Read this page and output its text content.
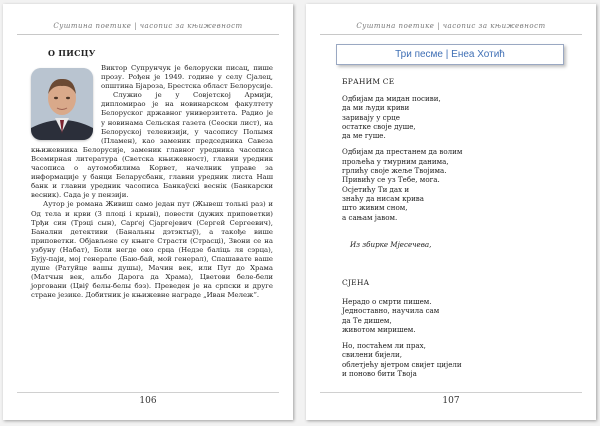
Суштина поетике | часопис за књижевност
О ПИСЦУ

Виктор Супрунчук је белоруски писац, пише прозу. Рођен је 1949. године у селу Сјалец, општина Бјароза, Брестска област Белорусије.

Служио је у Совјетској Армији, дипломирао је на новинарском факултету Белоруског државног универзитета. Радио је у новинама Сельская газета (Сеоски лист), на Белоруској телевизији, у часопису Полымя (Пламен), као заменик председника Савеза књижевника Белорусије, заменик главног уредника часописа Всемирная литература (Светска књижевност), главни уредник часописа о аутомобилима Корвет, начелник управе за информације у банци Беларусбанк, главни уредник листа Наш банк и главни уредник часописа Банкаўскі веснік (Банкарски весник). Сада је у пензији.

Аутор је романа Живиш само један пут (Жывеш толькі раз) и Од тела и крви (З плоці і крыві), повести (дужих приповетки) Трђи син (Трэці сын), Сарґеј Сјаргејевич (Сергей Сергеевич), Банални детективи (Банальны дэтэктыў), а такође више приповетки. Објављене су књиге Страсти (Страсці), Звони се на узбуну (Набат), Боли негде око срца (Недзе баліць ля сэрца), Бују-паји, мој генерале (Баю-бай, мой генерал), Спашавате ваше душе (Ратуйце вашы душы), Мачин век, или Пут до Храма (Матчын век, альбо Дарога да Храма), Цветови беле-бели јорговани (Цвіў белы-белы бэз). Преведен је на српски и друге стране језике. Добитник је књижевне награде „Иван Мележ“.

106
Суштина поетике | часопис за књижевност
Три песме | Енеа Хотић
БРАНИМ СЕ
Одбијам да мидан посиви,
да ми људи криви
заривају у срце
остатке своје душе,
да ме гуше.
Одбијам да престанем да волим
прољећа у тмурним данима,
грлићу своје жеље Твојима.
Привићу се уз Тебе, мога.
Осјетићу Ти дах и
знаћу да нисам крива
што живим сном,
а сањам јавом.
Из збирке Мјесечева,
СЈЕНА
Нерадо о смрти пишем.
Једноставно, научила сам
да Те дишем,
животом миришем.
Но, постаћем ли прах,
свилени бијели,
облетјећу вјетром свијет цијели
и поново бити Твоја
107
